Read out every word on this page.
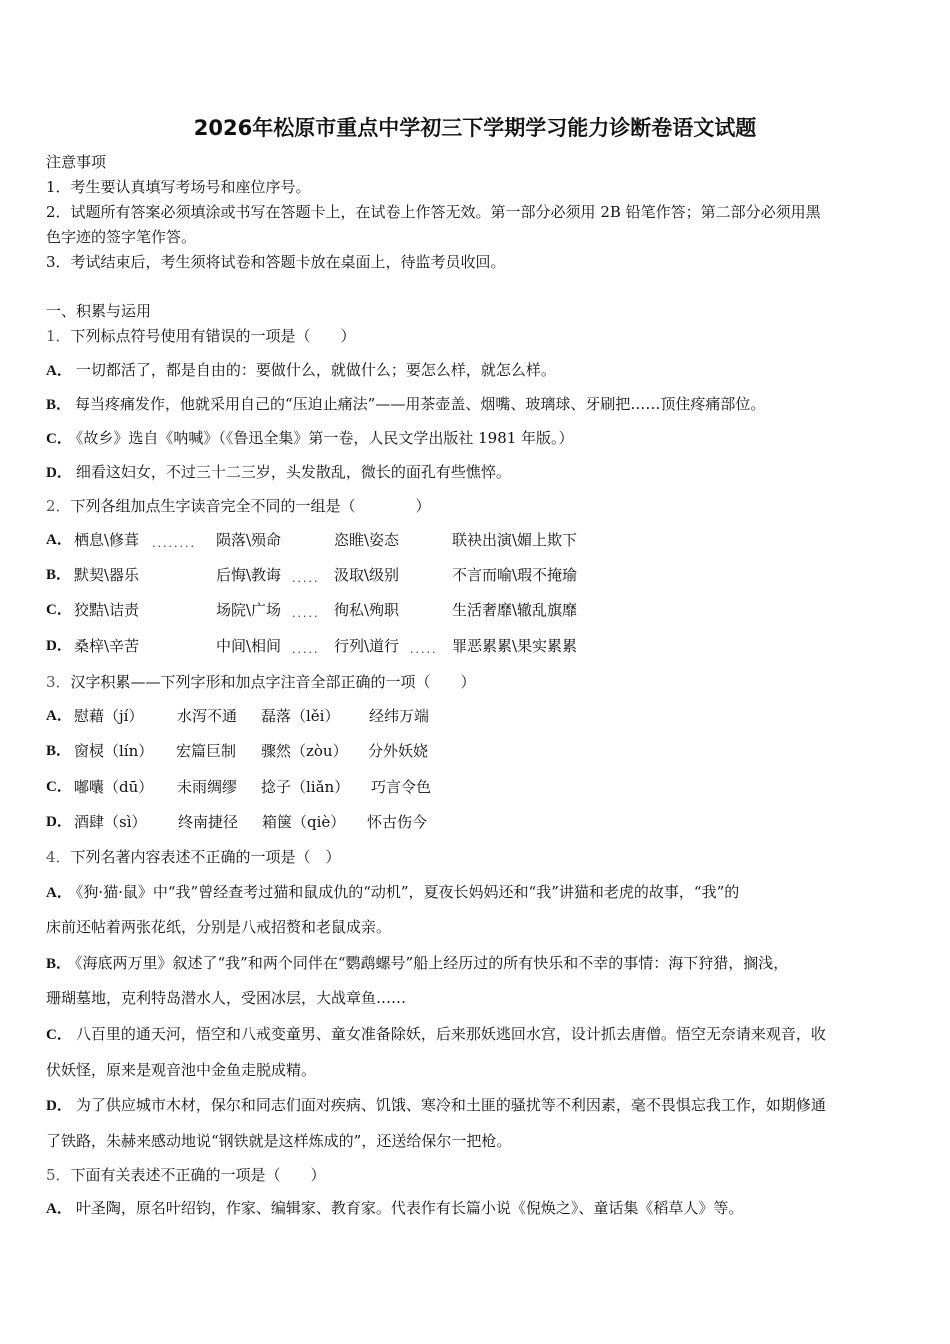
2026年松原市重点中学初三下学期学习能力诊断卷语文试题
注意事项
1．考生要认真填写考场号和座位序号。
2．试题所有答案必须填涂或书写在答题卡上，在试卷上作答无效。第一部分必须用 2B 铅笔作答；第二部分必须用黑
色字迹的签字笔作答。
3．考试结束后，考生须将试卷和答题卡放在桌面上，待监考员收回。
一、积累与运用
1．下列标点符号使用有错误的一项是（　　）
A． 一切都活了，都是自由的：要做什么，就做什么；要怎么样，就怎么样。
B． 每当疼痛发作，他就采用自己的“压迫止痛法”——用茶壶盖、烟嘴、玻璃球、牙刷把……顶住疼痛部位。
C． 《故乡》选自《呐喊》（《鲁迅全集》第一卷，人民文学出版社 1981 年版。）
D． 细看这妇女，不过三十二三岁，头发散乱，微长的面孔有些憔悴。
2．下列各组加点生字读音完全不同的一组是（　　　　）
A． 栖息\修葺 ........ 陨落\殒命	恣睢\姿态	联袂出演\媚上欺下
B． 默契\器乐	后悔\教诲 ..... 汲取\级别	不言而喻\瑕不掩瑜
C． 狡黠\诘责	场院\广场 ..... 徇私\殉职	生活奢靡\辙乱旗靡
D． 桑梓\辛苦	中间\相间 ..... 行列\道行 ..... 罪恶累累\果实累累
3．汉字积累——下列字形和加点字注音全部正确的一项（　　）
A． 慰藉（jí） 水泻不通 磊落（lěi） 经纬万端
B． 窗棂（lín） 宏篇巨制 骤然（zòu） 分外妖娆
C． 嘟囔（dū） 未雨绸缪 捻子（liǎn） 巧言令色
D． 酒肆（sì） 终南捷径 箱箧（qiè） 怀古伤今
4．下列名著内容表述不正确的一项是（　）
A． 《狗·猫·鼠》中“我”曾经查考过猫和鼠成仇的“动机”，夏夜长妈妈还和“我”讲猫和老虎的故事，“我”的
床前还帖着两张花纸，分别是八戒招赘和老鼠成亲。
B． 《海底两万里》叙述了“我”和两个同伴在“鹦鹉螺号”船上经历过的所有快乐和不幸的事情：海下狩猎，搁浅，
珊瑚墓地，克利特岛潜水人，受困冰层，大战章鱼……
C． 八百里的通天河，悟空和八戒变童男、童女准备除妖，后来那妖逃回水宫，设计抓去唐僧。悟空无奈请来观音，收
伏妖怪，原来是观音池中金鱼走脱成精。
D． 为了供应城市木材，保尔和同志们面对疾病、饥饿、寒冷和土匪的骚扰等不利因素，毫不畏惧忘我工作，如期修通
了铁路，朱赫来感动地说“钢铁就是这样炼成的”，还送给保尔一把枪。
5．下面有关表述不正确的一项是（　　）
A． 叶圣陶，原名叶绍钧，作家、编辑家、教育家。代表作有长篇小说《倪焕之》、童话集《稻草人》等。
